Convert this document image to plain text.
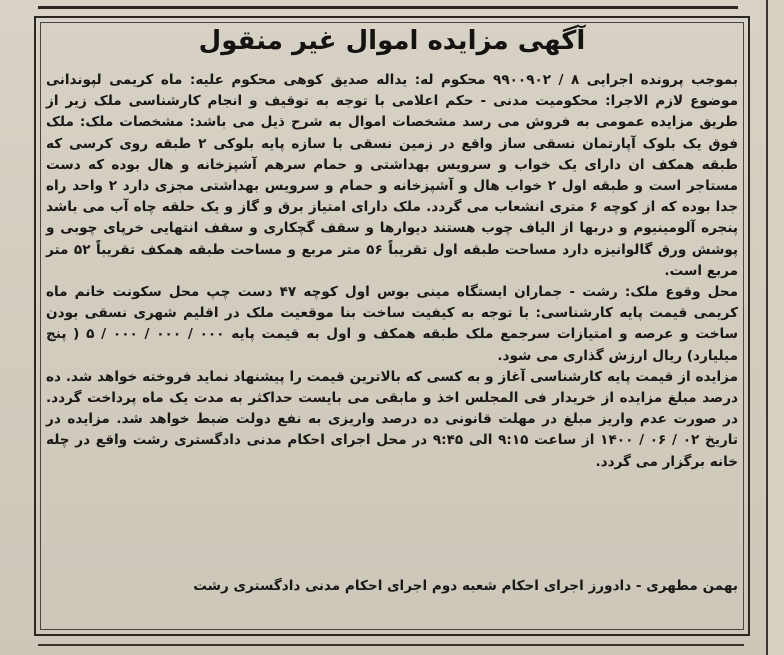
آگهی مزایده اموال غیر منقول

بموجب پرونده اجرایی ۸ / ۹۹۰۰۹۰۲ محکوم له: یداله صدیق کوهی محکوم علیه: ماه کریمی لپوندانی موضوع لازم الاجرا: محکومیت مدنی - حکم اعلامی با توجه به توقیف و انجام کارشناسی ملک زیر از طریق مزایده عمومی به فروش می رسد مشخصات اموال به شرح ذیل می باشد: مشخصات ملک: ملک فوق یک بلوک آپارتمان نسقی ساز واقع در زمین نسقی با سازه پایه بلوکی ۲ طبقه روی کرسی که طبقه همکف ان دارای یک خواب و سرویس بهداشتی و حمام سرهم آشپزخانه و هال بوده که دست مستاجر است و طبقه اول ۲ خواب هال و آشپزخانه و حمام و سرویس بهداشتی مجزی دارد ۲ واحد راه جدا بوده که از کوچه ۶ متری انشعاب می گردد. ملک دارای امتیاز برق و گاز و یک حلقه چاه آب می باشد پنجره آلومینیوم و دربها از الیاف چوب هستند دیوارها و سقف گچکاری و سقف انتهایی خرپای چوبی و پوشش ورق گالوانیزه دارد مساحت طبقه اول تقریباً ۵۶ متر مربع و مساحت طبقه همکف تقریباً ۵۲ متر مربع است.

محل وقوع ملک: رشت - جماران ایستگاه مینی بوس اول کوچه ۴۷ دست چپ محل سکونت خانم ماه کریمی قیمت پایه کارشناسی: با توجه به کیفیت ساخت بنا موقعیت ملک در اقلیم شهری نسقی بودن ساخت و عرصه و امتیازات سرجمع ملک طبقه همکف و اول به قیمت پایه ۰۰۰ / ۰۰۰ / ۰۰۰ / ۵ ( پنج میلیارد) ریال ارزش گذاری می شود.

مزایده از قیمت پایه کارشناسی آغاز و به کسی که بالاترین قیمت را پیشنهاد نماید فروخته خواهد شد. ده درصد مبلغ مزایده از خریدار فی المجلس اخذ و مابقی می بایست حداکثر به مدت یک ماه پرداخت گردد. در صورت عدم واریز مبلغ در مهلت قانونی ده درصد واریزی به نفع دولت ضبط خواهد شد. مزایده در تاریخ ۰۲ / ۰۶ / ۱۴۰۰ از ساعت ۹:۱۵ الی ۹:۴۵ در محل اجرای احکام مدنی دادگستری رشت واقع در چله خانه برگزار می گردد.

بهمن مطهری - دادورز اجرای احکام شعبه دوم اجرای احکام مدنی دادگستری رشت
